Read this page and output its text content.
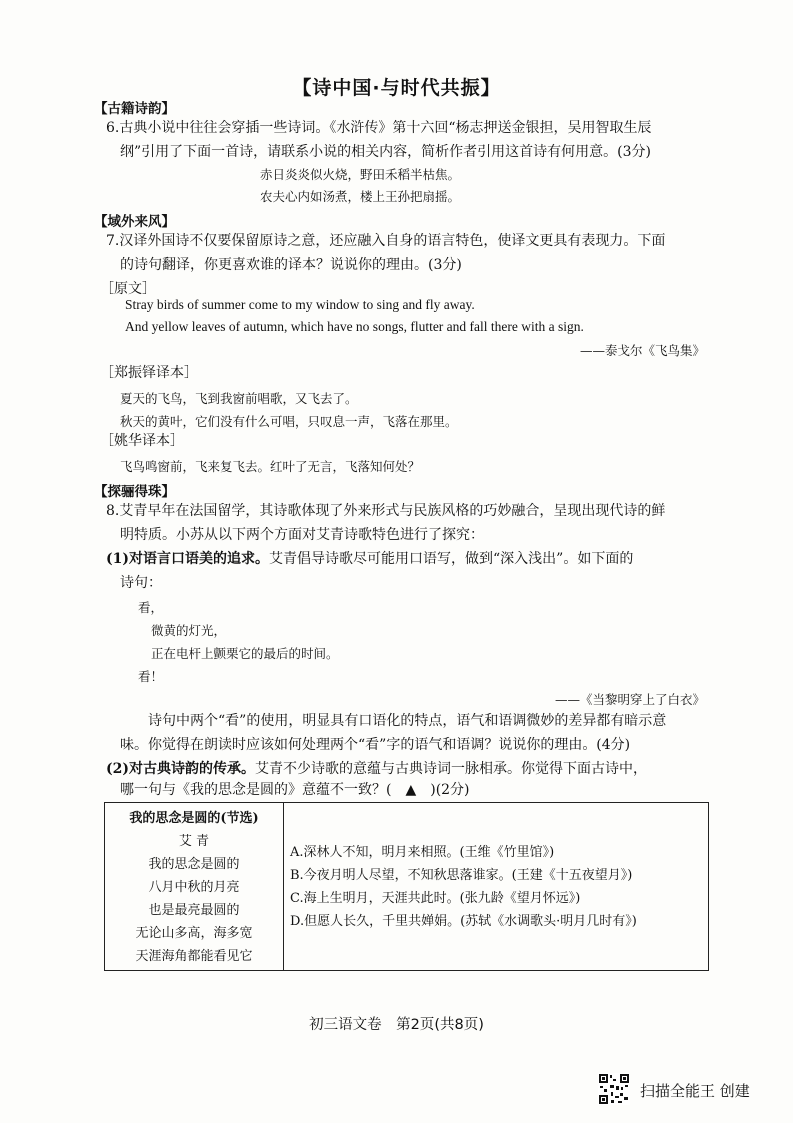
【诗中国·与时代共振】
【古籍诗韵】
6.古典小说中往往会穿插一些诗词。《水浒传》第十六回“杨志押送金银担，吴用智取生辰
纲”引用了下面一首诗，请联系小说的相关内容，简析作者引用这首诗有何用意。(3分)
赤日炎炎似火烧，野田禾稻半枯焦。
农夫心内如汤煮，楼上王孙把扇摇。
【域外来风】
7.汉译外国诗不仅要保留原诗之意，还应融入自身的语言特色，使译文更具有表现力。下面
的诗句翻译，你更喜欢谁的译本？说说你的理由。(3分)
［原文］
Stray birds of summer come to my window to sing and fly away.
And yellow leaves of autumn, which have no songs, flutter and fall there with a sign.
——泰戈尔《飞鸟集》
［郑振铎译本］
夏天的飞鸟，飞到我窗前唱歌，又飞去了。
秋天的黄叶，它们没有什么可唱，只叹息一声，飞落在那里。
［姚华译本］
飞鸟鸣窗前，飞来复飞去。红叶了无言，飞落知何处？
【探骊得珠】
8.艾青早年在法国留学，其诗歌体现了外来形式与民族风格的巧妙融合，呈现出现代诗的鲜
明特质。小苏从以下两个方面对艾青诗歌特色进行了探究：
(1)对语言口语美的追求。艾青倡导诗歌尽可能用口语写，做到“深入浅出”。如下面的
诗句：
看，
微黄的灯光，
正在电杆上颤栗它的最后的时间。
看！
——《当黎明穿上了白衣》
诗句中两个“看”的使用，明显具有口语化的特点，语气和语调微妙的差异都有暗示意
味。你觉得在朗读时应该如何处理两个“看”字的语气和语调？说说你的理由。(4分)
(2)对古典诗韵的传承。艾青不少诗歌的意蕴与古典诗词一脉相承。你觉得下面古诗中，
哪一句与《我的思念是圆的》意蕴不一致？(　▲　)(2分)
我的思念是圆的(节选)
艾 青
我的思念是圆的
八月中秋的月亮
也是最亮最圆的
无论山多高，海多宽
天涯海角都能看见它

A.深林人不知，明月来相照。(王维《竹里馆》)
B.今夜月明人尽望，不知秋思落谁家。(王建《十五夜望月》)
C.海上生明月，天涯共此时。(张九龄《望月怀远》)
D.但愿人长久，千里共婵娟。(苏轼《水调歌头·明月几时有》)
初三语文卷　第2页(共8页)
扫描全能王 创建
